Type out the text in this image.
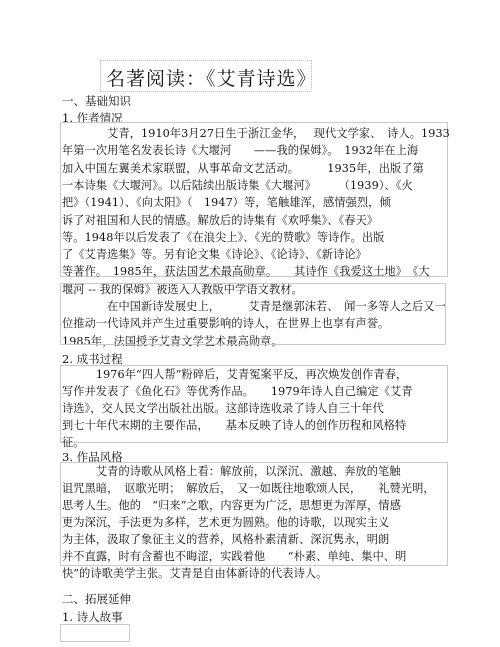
名著阅读：《艾青诗选》
一、基础知识
1. 作者情况
　　　　艾青，1910年3月27日生于浙江金华，　 现代文学家、　诗人。1933
年第一次用笔名发表长诗《大堰河　　——我的保姆》。　1932年在上海
加入中国左翼美术家联盟，从事革命文艺活动。　　　1935年，出版了第
一本诗集《大堰河》。以后陆续出版诗集《大堰河》　　　（1939）、《火
把》（1941）、《向太阳》（　1947）等，笔触雄浑，感情强烈，倾
诉了对祖国和人民的情感。解放后的诗集有《欢呼集》、《春天》
等。1948年以后发表了《在浪尖上》、《光的赞歌》等诗作。出版
了《艾青选集》等。另有论文集《诗论》、《论诗》、《新诗论》
等著作。　1985年，获法国艺术最高勋章。　　其诗作《我爱这土地》　《大
堰河 -- 我的保姆》被选入人教版中学语文教材。
　　　　在中国新诗发展史上，　　　艾青是继郭沫若、　闻一多等人之后又一
位推动一代诗风并产生过重要影响的诗人，在世界上也享有声誉。
1985年，法国授予艾青文学艺术最高勋章。
2. 成书过程
　　　1976年“四人帮”粉碎后，艾青冤案平反，再次焕发创作青春，
写作并发表了《鱼化石》等优秀作品。　　1979年诗人自己编定《艾青
诗选》，交人民文学出版社出版。这部诗选收录了诗人自三十年代
到七十年代末期的主要作品，　　基本反映了诗人的创作历程和风格特
征。
3. 作品风格
　　　艾青的诗歌从风格上看：解放前，以深沉、激越、奔放的笔触
诅咒黑暗，　讴歌光明；　解放后，　又一如既往地歌颂人民，　　礼赞光明，
思考人生。他的　“归来”之歌，内容更为广泛，思想更为浑厚，情感
更为深沉，手法更为多样，艺术更为圆熟。他的诗歌，以现实主义
为主体，汲取了象征主义的营养，风格朴素清新、深沉隽永，明朗
并不直露，时有含蓄也不晦涩，实践着他　　“朴素、单纯、集中、明
快”的诗歌美学主张。艾青是自由体新诗的代表诗人。
二、拓展延伸
1. 诗人故事
